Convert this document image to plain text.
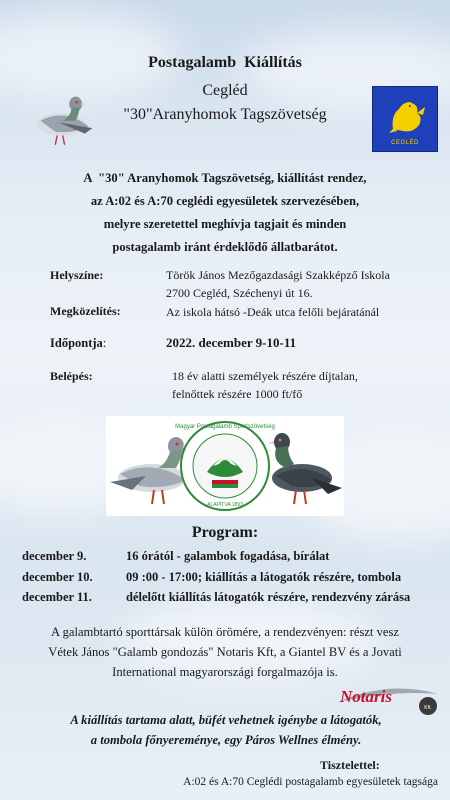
Postagalamb  Kiállítás
Cegléd
"30"Aranyhomok Tagszövetség
CEGLÉD
A  "30" Aranyhomok Tagszövetség, kiállítást rendez,
az A:02 és A:70 ceglédi egyesületek szervezésében,
melyre szeretettel meghívja tagjait és minden
postagalamb iránt érdeklődő állatbarátot.
Helyszíne:	Török János Mezőgazdasági Szakképző Iskola
2700 Cegléd, Széchenyi út 16.
Megközelítés:	Az iskola hátsó -Deák utca felőli bejáratánál
Időpontja:	2022. december 9-10-11
Belépés:	18 év alatti személyek részére díjtalan,
felnőttek részére 1000 ft/fő
Magyar Postagalamb Sportszövetség
ALAPÍTVA 1893
Program:
december 9.	16 órától - galambok fogadása, bírálat
december 10.	09 :00 - 17:00; kiállítás a látogatók részére, tombola
december 11.	délelőtt kiállítás látogatók részére, rendezvény zárása
A galambtartó sporttársak külön örömére, a rendezvényen: részt vesz
Vétek János "Galamb gondozás" Notaris Kft, a Giantel BV és a Jovati
International magyarországi forgalmazója is.
Notaris
Kft.
A kiállítás tartama alatt, büfét vehetnek igénybe a látogatók,
a tombola főnyereménye, egy Páros Wellnes élmény.
Tisztelettel:
A:02 és A:70 Ceglédi postagalamb egyesületek tagsága
